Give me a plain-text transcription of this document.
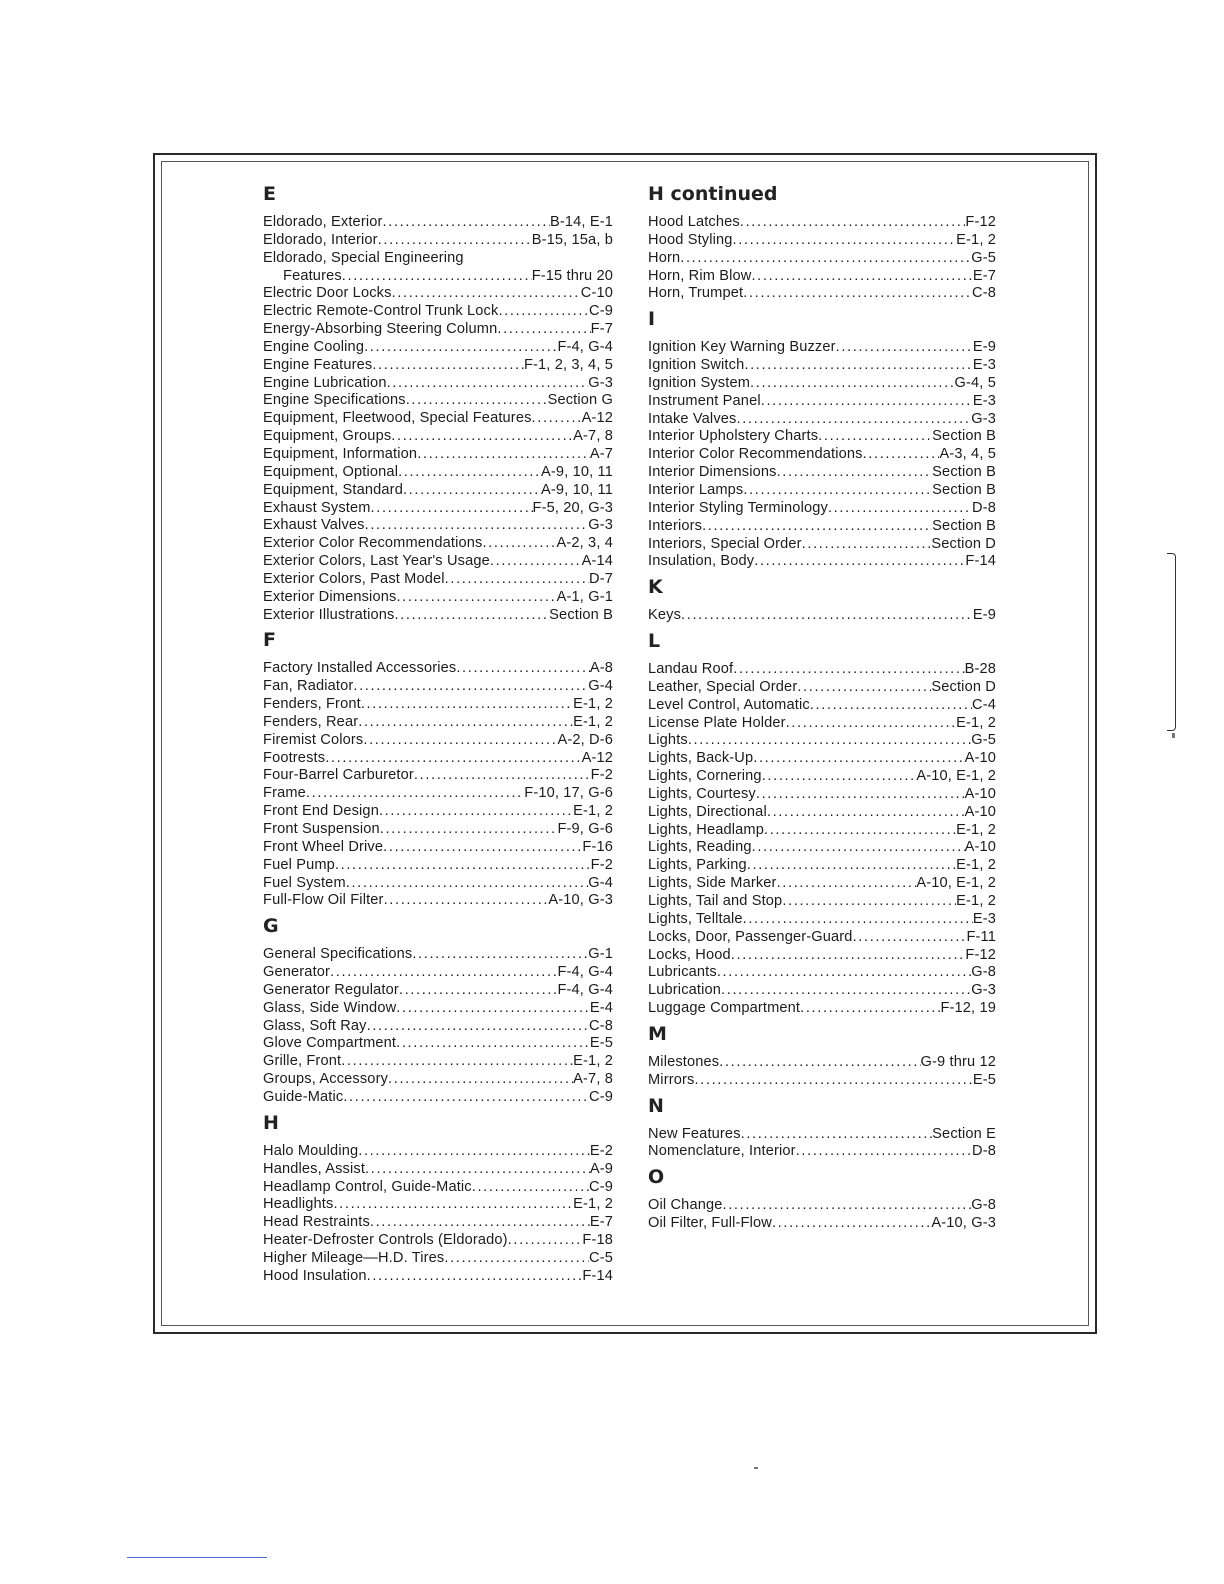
E
Eldorado, Exterior . . .	B-14, E-1
Eldorado, Interior . . .	B-15, 15a, b
Eldorado, Special Engineering
Features . . .	F-15 thru 20
Electric Door Locks . . .	C-10
Electric Remote-Control Trunk Lock . . .	C-9
Energy-Absorbing Steering Column . . .	F-7
Engine Cooling . . .	F-4, G-4
Engine Features . . .	F-1, 2, 3, 4, 5
Engine Lubrication . . .	G-3
Engine Specifications . . .	Section G
Equipment, Fleetwood, Special Features . . .	A-12
Equipment, Groups . . .	A-7, 8
Equipment, Information . . .	A-7
Equipment, Optional . . .	A-9, 10, 11
Equipment, Standard . . .	A-9, 10, 11
Exhaust System . . .	F-5, 20, G-3
Exhaust Valves . . .	G-3
Exterior Color Recommendations . . .	A-2, 3, 4
Exterior Colors, Last Year's Usage . . .	A-14
Exterior Colors, Past Model . . .	D-7
Exterior Dimensions . . .	A-1, G-1
Exterior Illustrations . . .	Section B
F
Factory Installed Accessories . . .	A-8
Fan, Radiator . . .	G-4
Fenders, Front . . .	E-1, 2
Fenders, Rear . . .	E-1, 2
Firemist Colors . . .	A-2, D-6
Footrests . . .	A-12
Four-Barrel Carburetor . . .	F-2
Frame . . .	F-10, 17, G-6
Front End Design . . .	E-1, 2
Front Suspension . . .	F-9, G-6
Front Wheel Drive . . .	F-16
Fuel Pump . . .	F-2
Fuel System . . .	G-4
Full-Flow Oil Filter . . .	A-10, G-3
G
General Specifications . . .	G-1
Generator . . .	F-4, G-4
Generator Regulator . . .	F-4, G-4
Glass, Side Window . . .	E-4
Glass, Soft Ray . . .	C-8
Glove Compartment . . .	E-5
Grille, Front . . .	E-1, 2
Groups, Accessory . . .	A-7, 8
Guide-Matic . . .	C-9
H
Halo Moulding . . .	E-2
Handles, Assist . . .	A-9
Headlamp Control, Guide-Matic . . .	C-9
Headlights . . .	E-1, 2
Head Restraints . . .	E-7
Heater-Defroster Controls (Eldorado) . . .	F-18
Higher Mileage—H.D. Tires . . .	C-5
Hood Insulation . . .	F-14
H continued
Hood Latches . . .	F-12
Hood Styling . . .	E-1, 2
Horn . . .	G-5
Horn, Rim Blow . . .	E-7
Horn, Trumpet . . .	C-8
I
Ignition Key Warning Buzzer . . .	E-9
Ignition Switch . . .	E-3
Ignition System . . .	G-4, 5
Instrument Panel . . .	E-3
Intake Valves . . .	G-3
Interior Upholstery Charts . . .	Section B
Interior Color Recommendations . . .	A-3, 4, 5
Interior Dimensions . . .	Section B
Interior Lamps . . .	Section B
Interior Styling Terminology . . .	D-8
Interiors . . .	Section B
Interiors, Special Order . . .	Section D
Insulation, Body . . .	F-14
K
Keys . . .	E-9
L
Landau Roof . . .	B-28
Leather, Special Order . . .	Section D
Level Control, Automatic . . .	C-4
License Plate Holder . . .	E-1, 2
Lights . . .	G-5
Lights, Back-Up . . .	A-10
Lights, Cornering . . .	A-10, E-1, 2
Lights, Courtesy . . .	A-10
Lights, Directional . . .	A-10
Lights, Headlamp . . .	E-1, 2
Lights, Reading . . .	A-10
Lights, Parking . . .	E-1, 2
Lights, Side Marker . . .	A-10, E-1, 2
Lights, Tail and Stop . . .	E-1, 2
Lights, Telltale . . .	E-3
Locks, Door, Passenger-Guard . . .	F-11
Locks, Hood . . .	F-12
Lubricants . . .	G-8
Lubrication . . .	G-3
Luggage Compartment . . .	F-12, 19
M
Milestones . . .	G-9 thru 12
Mirrors . . .	E-5
N
New Features . . .	Section E
Nomenclature, Interior . . .	D-8
O
Oil Change . . .	G-8
Oil Filter, Full-Flow . . .	A-10, G-3
